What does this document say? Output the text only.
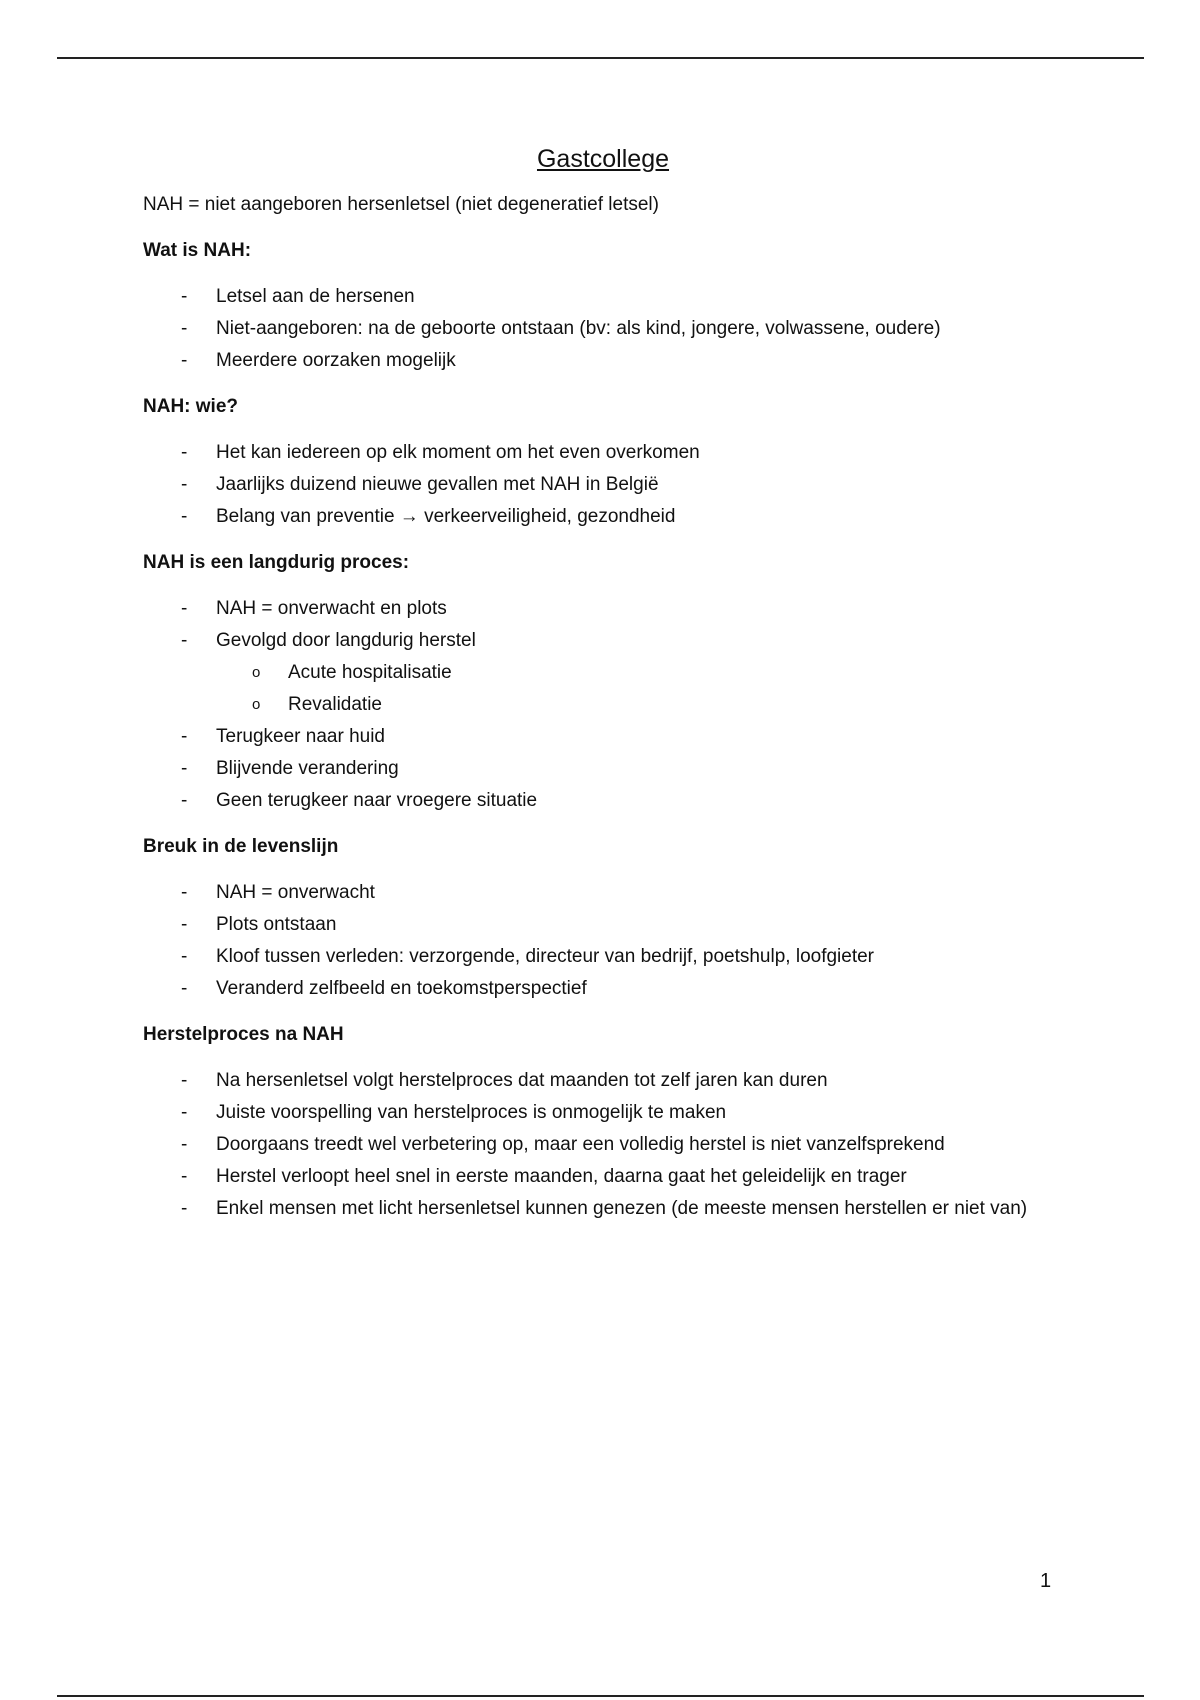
Gastcollege
NAH = niet aangeboren hersenletsel (niet degeneratief letsel)
Wat is NAH:
- Letsel aan de hersenen
- Niet-aangeboren: na de geboorte ontstaan (bv: als kind, jongere, volwassene, oudere)
- Meerdere oorzaken mogelijk
NAH: wie?
- Het kan iedereen op elk moment om het even overkomen
- Jaarlijks duizend nieuwe gevallen met NAH in België
- Belang van preventie → verkeerveiligheid, gezondheid
NAH is een langdurig proces:
- NAH = onverwacht en plots
- Gevolgd door langdurig herstel
o Acute hospitalisatie
o Revalidatie
- Terugkeer naar huid
- Blijvende verandering
- Geen terugkeer naar vroegere situatie
Breuk in de levenslijn
- NAH = onverwacht
- Plots ontstaan
- Kloof tussen verleden: verzorgende, directeur van bedrijf, poetshulp, loofgieter
- Veranderd zelfbeeld en toekomstperspectief
Herstelproces na NAH
- Na hersenletsel volgt herstelproces dat maanden tot zelf jaren kan duren
- Juiste voorspelling van herstelproces is onmogelijk te maken
- Doorgaans treedt wel verbetering op, maar een volledig herstel is niet vanzelfsprekend
- Herstel verloopt heel snel in eerste maanden, daarna gaat het geleidelijk en trager
- Enkel mensen met licht hersenletsel kunnen genezen (de meeste mensen herstellen er niet van)
1
